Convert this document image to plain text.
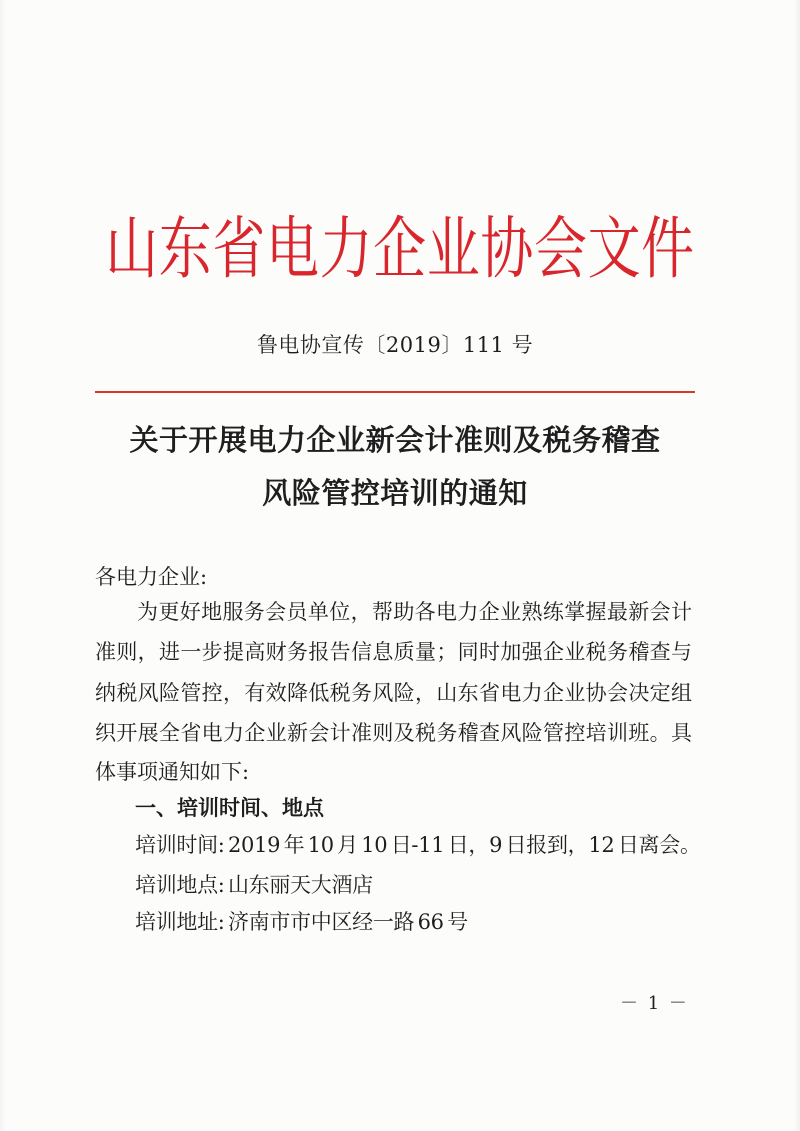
山东省电力企业协会文件
鲁电协宣传〔2019〕111 号
关于开展电力企业新会计准则及税务稽查
风险管控培训的通知
各电力企业:
为更好地服务会员单位，帮助各电力企业熟练掌握最新会计
准则，进一步提高财务报告信息质量；同时加强企业税务稽查与
纳税风险管控，有效降低税务风险，山东省电力企业协会决定组
织开展全省电力企业新会计准则及税务稽查风险管控培训班。具
体事项通知如下:
一、培训时间、地点
培训时间: 2019 年 10 月 10 日-11 日，9 日报到，12 日离会。
培训地点: 山东丽天大酒店
培训地址: 济南市市中区经一路 66 号
－ 1 －
